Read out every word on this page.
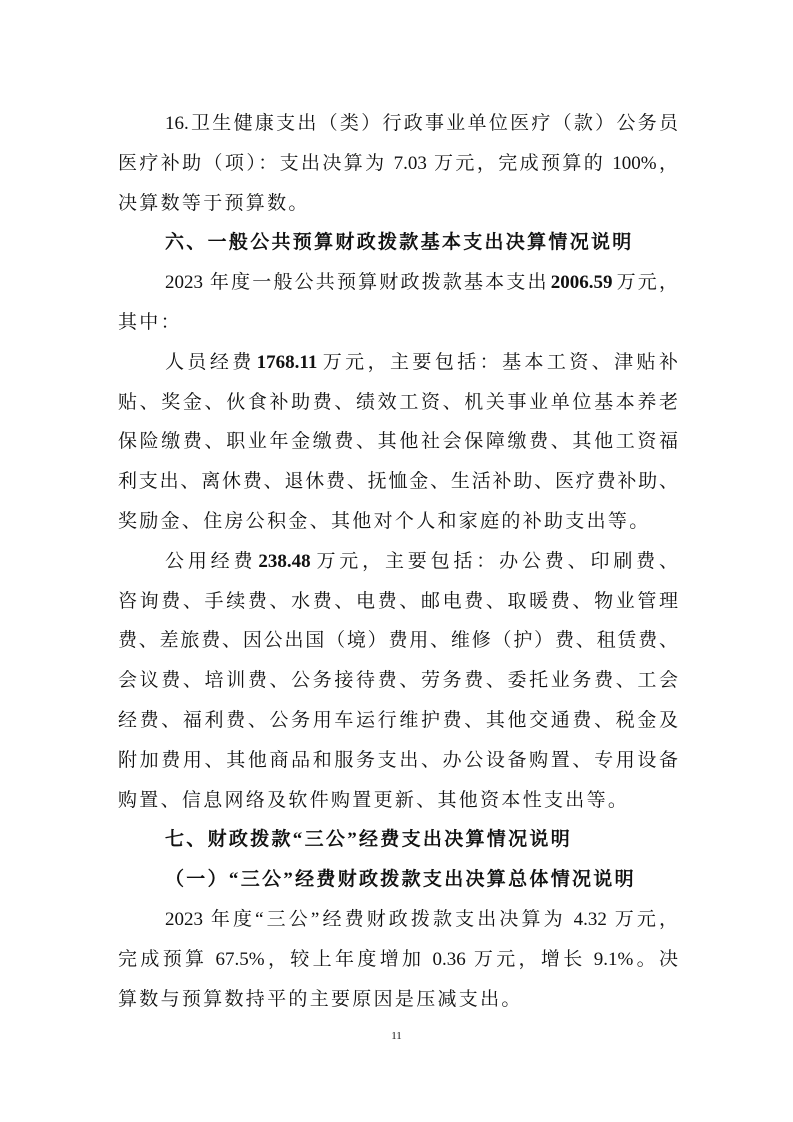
16.卫生健康支出（类）行政事业单位医疗（款）公务员
医疗补助（项）：支出决算为 7.03 万元，完成预算的 100%，
决算数等于预算数。
六、一般公共预算财政拨款基本支出决算情况说明
2023 年度一般公共预算财政拨款基本支出 2006.59 万元，
其中：
人员经费 1768.11 万元，主要包括：基本工资、津贴补
贴、奖金、伙食补助费、绩效工资、机关事业单位基本养老
保险缴费、职业年金缴费、其他社会保障缴费、其他工资福
利支出、离休费、退休费、抚恤金、生活补助、医疗费补助、
奖励金、住房公积金、其他对个人和家庭的补助支出等。
公用经费 238.48 万元，主要包括：办公费、印刷费、
咨询费、手续费、水费、电费、邮电费、取暖费、物业管理
费、差旅费、因公出国（境）费用、维修（护）费、租赁费、
会议费、培训费、公务接待费、劳务费、委托业务费、工会
经费、福利费、公务用车运行维护费、其他交通费、税金及
附加费用、其他商品和服务支出、办公设备购置、专用设备
购置、信息网络及软件购置更新、其他资本性支出等。
七、财政拨款“三公”经费支出决算情况说明
（一）“三公”经费财政拨款支出决算总体情况说明
2023 年度“三公”经费财政拨款支出决算为 4.32 万元，
完成预算 67.5%，较上年度增加 0.36 万元，增长 9.1%。决
算数与预算数持平的主要原因是压减支出。
11
